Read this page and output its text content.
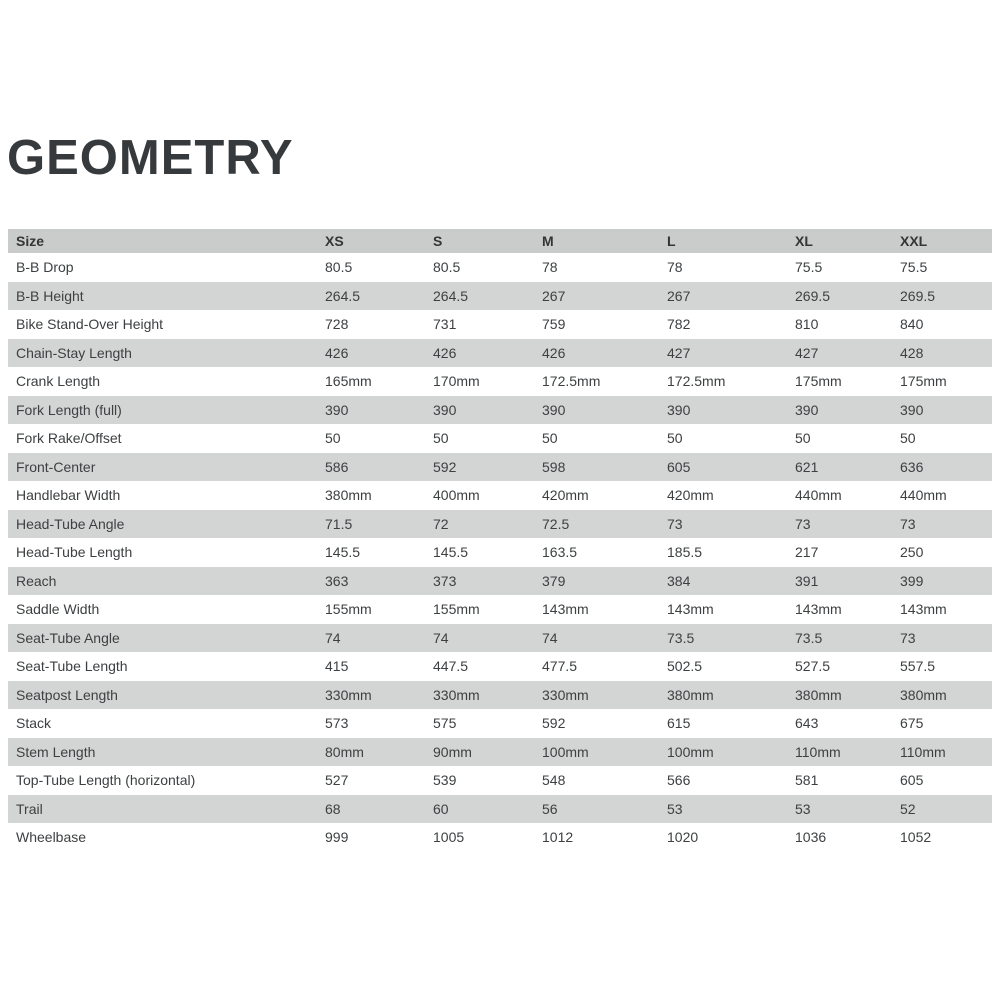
GEOMETRY
Size	XS	S	M	L	XL	XXL
B-B Drop	80.5	80.5	78	78	75.5	75.5
B-B Height	264.5	264.5	267	267	269.5	269.5
Bike Stand-Over Height	728	731	759	782	810	840
Chain-Stay Length	426	426	426	427	427	428
Crank Length	165mm	170mm	172.5mm	172.5mm	175mm	175mm
Fork Length (full)	390	390	390	390	390	390
Fork Rake/Offset	50	50	50	50	50	50
Front-Center	586	592	598	605	621	636
Handlebar Width	380mm	400mm	420mm	420mm	440mm	440mm
Head-Tube Angle	71.5	72	72.5	73	73	73
Head-Tube Length	145.5	145.5	163.5	185.5	217	250
Reach	363	373	379	384	391	399
Saddle Width	155mm	155mm	143mm	143mm	143mm	143mm
Seat-Tube Angle	74	74	74	73.5	73.5	73
Seat-Tube Length	415	447.5	477.5	502.5	527.5	557.5
Seatpost Length	330mm	330mm	330mm	380mm	380mm	380mm
Stack	573	575	592	615	643	675
Stem Length	80mm	90mm	100mm	100mm	110mm	110mm
Top-Tube Length (horizontal)	527	539	548	566	581	605
Trail	68	60	56	53	53	52
Wheelbase	999	1005	1012	1020	1036	1052
